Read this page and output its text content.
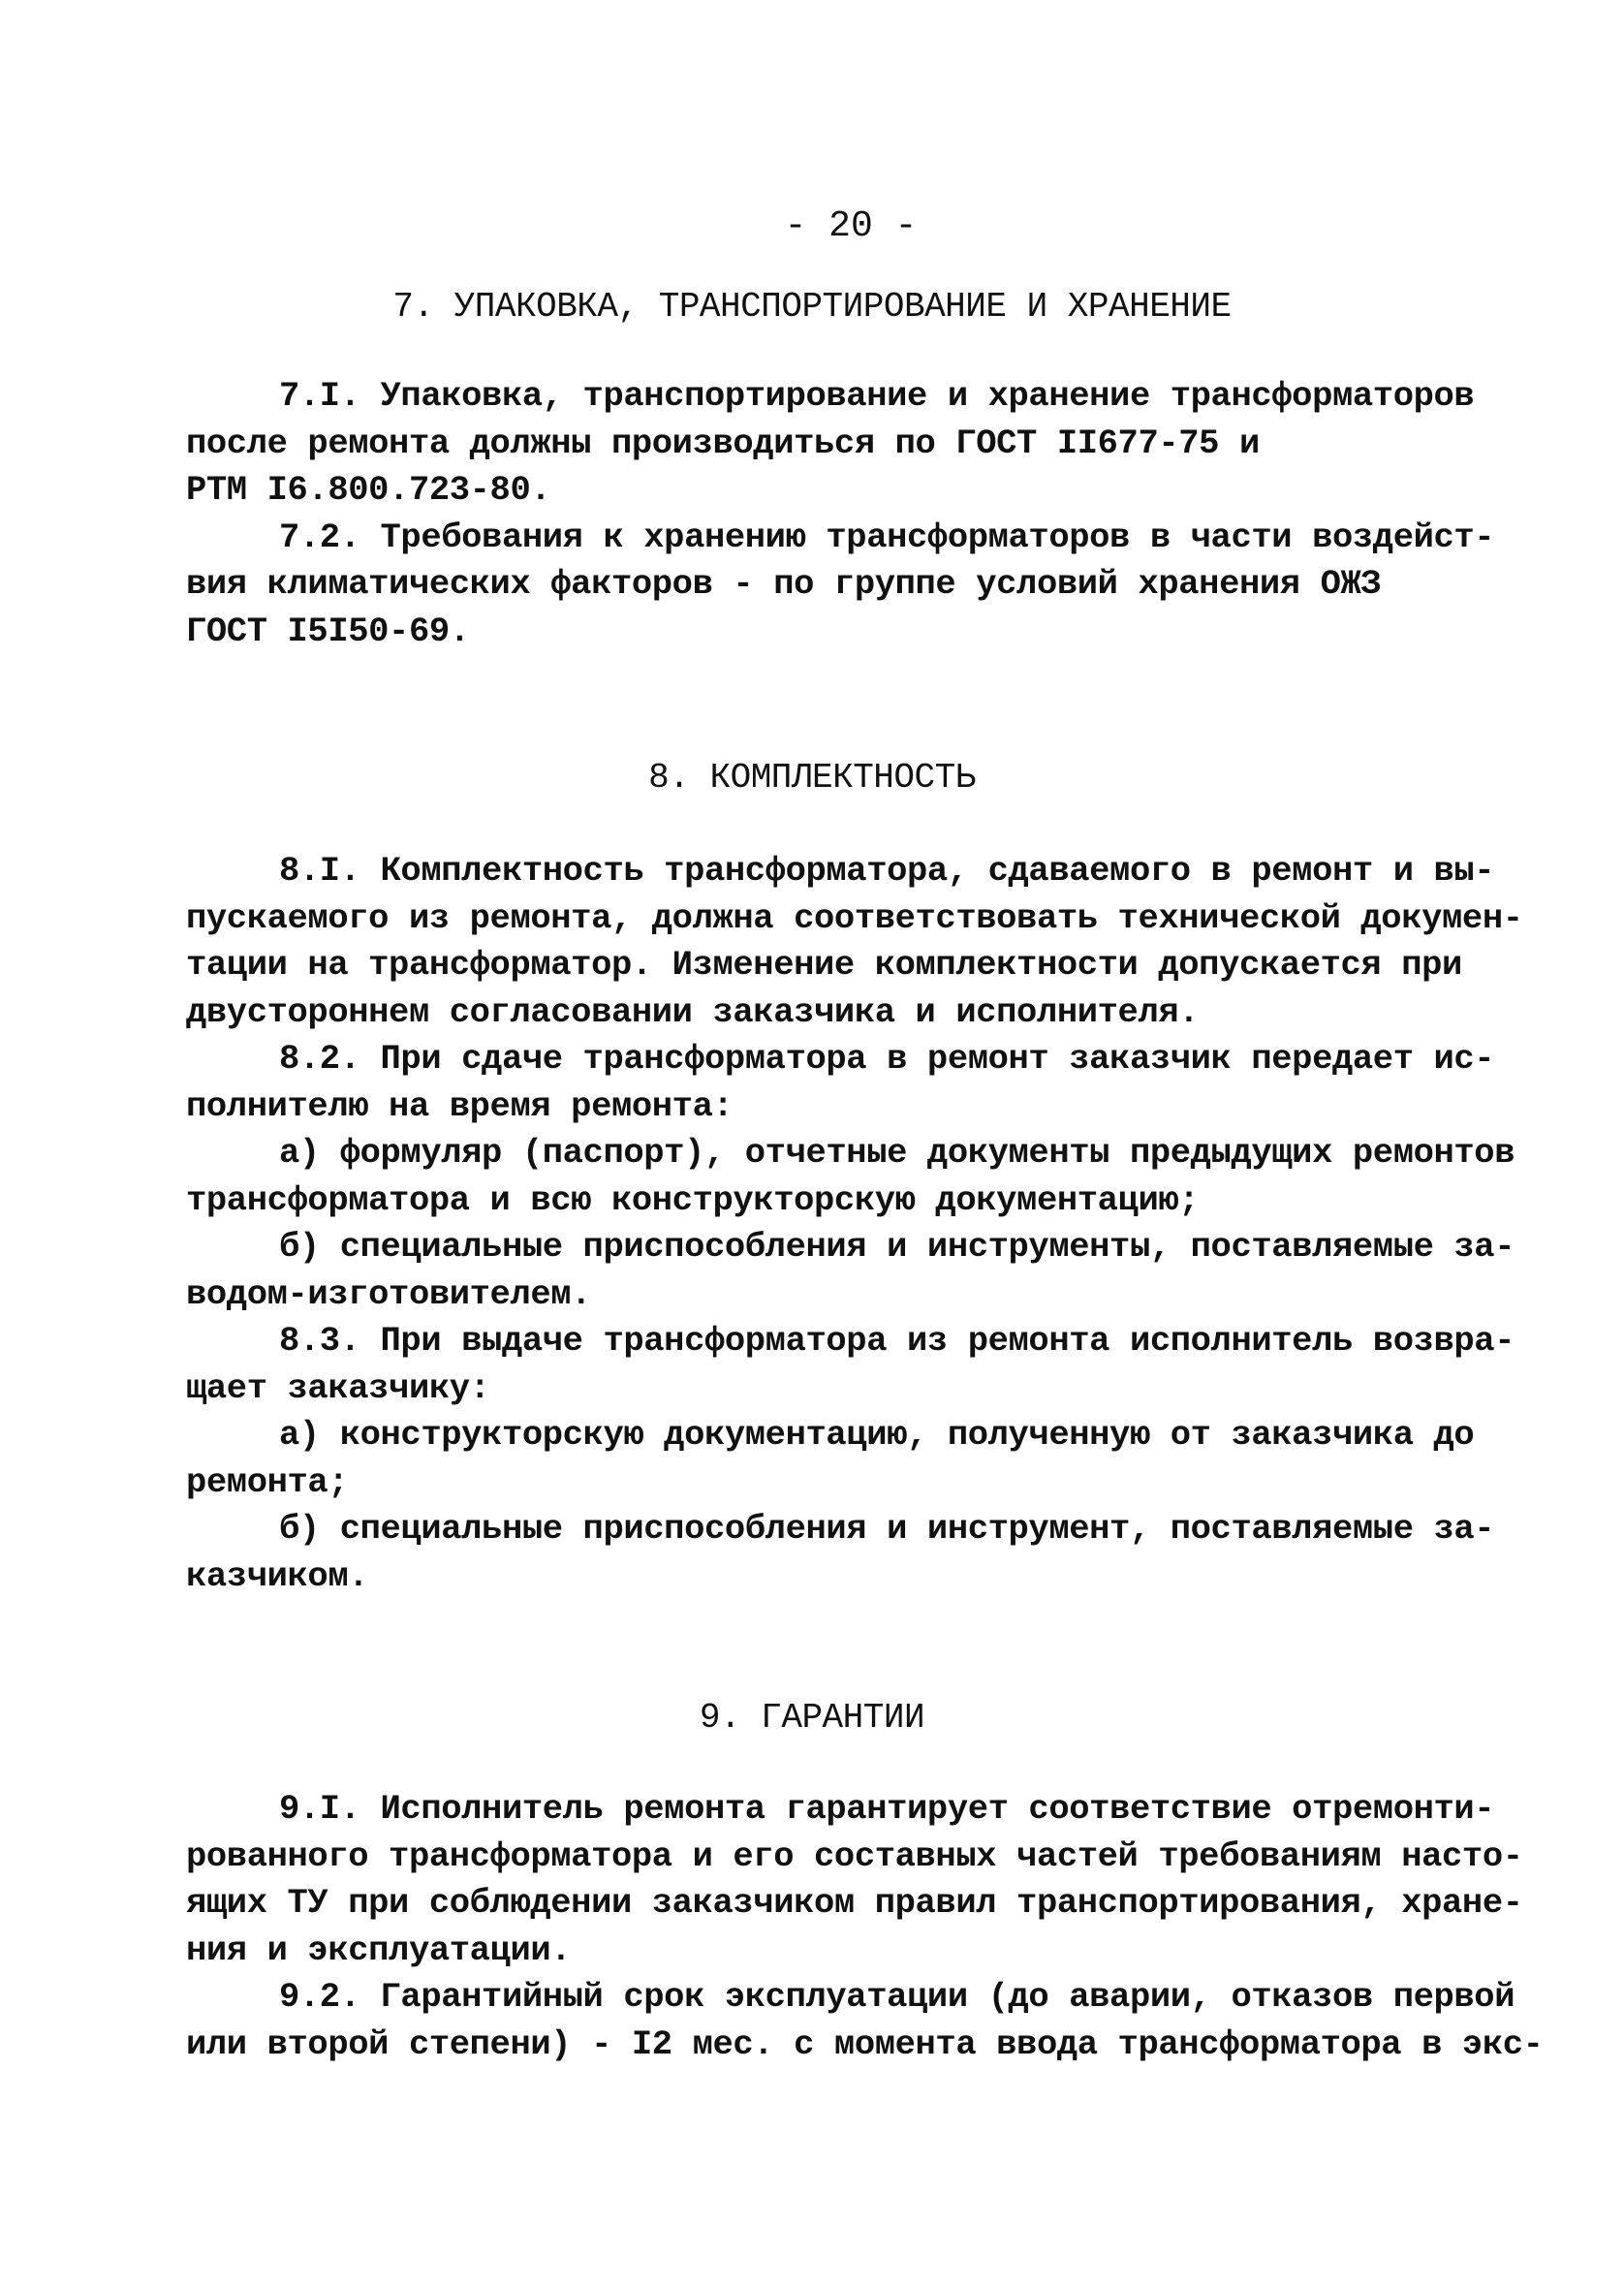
- 20 -
7. УПАКОВКА, ТРАНСПОРТИРОВАНИЕ И ХРАНЕНИЕ
7.I. Упаковка, транспортирование и хранение трансформаторов
после ремонта должны производиться по ГОСТ II677-75 и
РТМ I6.800.723-80.
7.2. Требования к хранению трансформаторов в части воздейст-
вия климатических факторов - по группе условий хранения ОЖЗ
ГОСТ I5I50-69.
8. КОМПЛЕКТНОСТЬ
8.I. Комплектность трансформатора, сдаваемого в ремонт и вы-
пускаемого из ремонта, должна соответствовать технической докумен-
тации на трансформатор. Изменение комплектности допускается при
двустороннем согласовании заказчика и исполнителя.
8.2. При сдаче трансформатора в ремонт заказчик передает ис-
полнителю на время ремонта:
а) формуляр (паспорт), отчетные документы предыдущих ремонтов
трансформатора и всю конструкторскую документацию;
б) специальные приспособления и инструменты, поставляемые за-
водом-изготовителем.
8.3. При выдаче трансформатора из ремонта исполнитель возвра-
щает заказчику:
а) конструкторскую документацию, полученную от заказчика до
ремонта;
б) специальные приспособления и инструмент, поставляемые за-
казчиком.
9. ГАРАНТИИ
9.I. Исполнитель ремонта гарантирует соответствие отремонти-
рованного трансформатора и его составных частей требованиям насто-
ящих ТУ при соблюдении заказчиком правил транспортирования, хране-
ния и эксплуатации.
9.2. Гарантийный срок эксплуатации (до аварии, отказов первой
или второй степени) - I2 мес. с момента ввода трансформатора в экс-
